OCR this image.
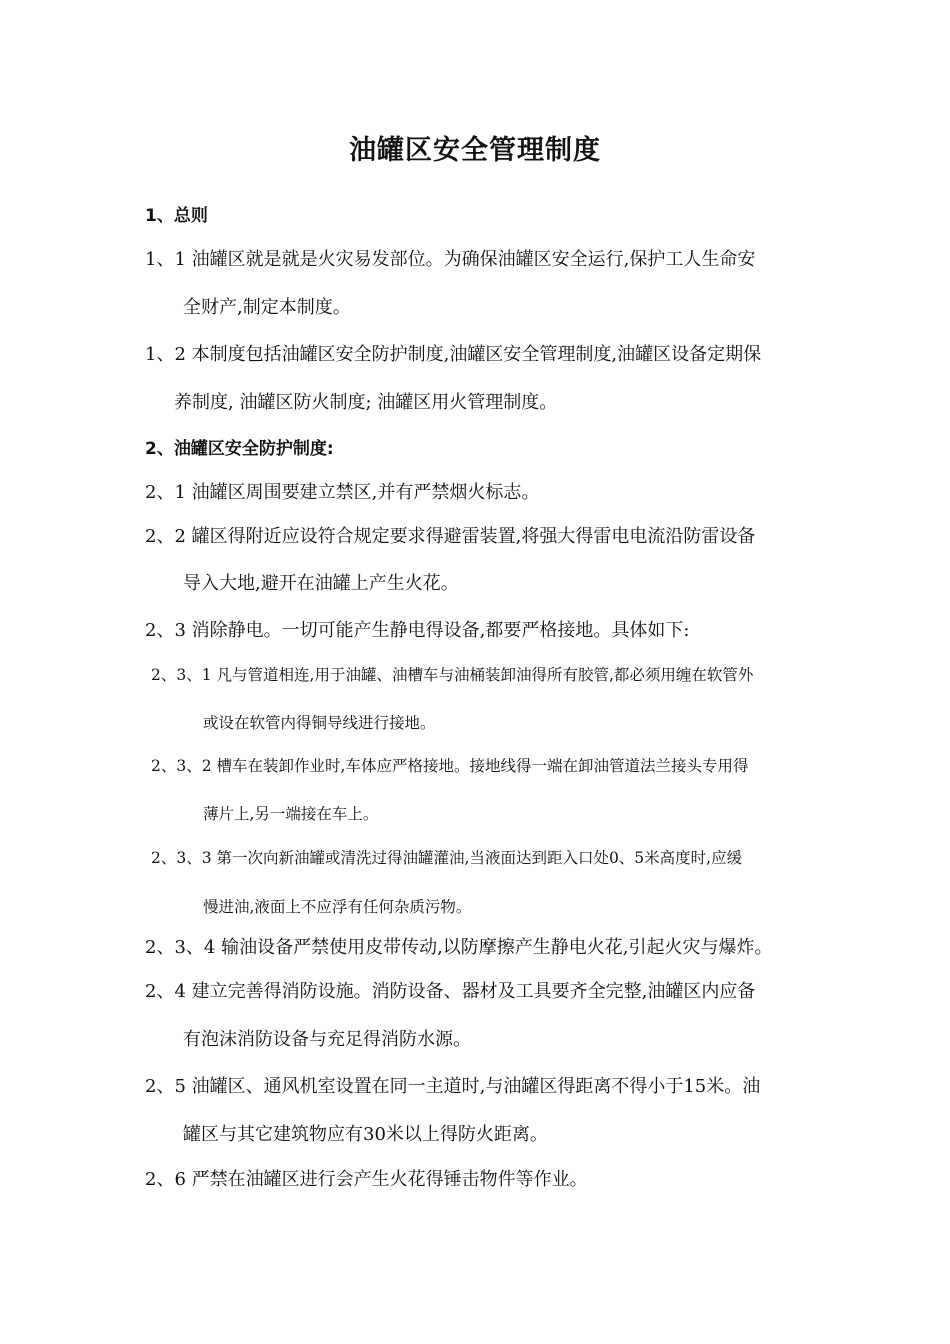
油罐区安全管理制度

1、总则

1、1 油罐区就是就是火灾易发部位。为确保油罐区安全运行,保护工人生命安

全财产,制定本制度。

1、2 本制度包括油罐区安全防护制度,油罐区安全管理制度,油罐区设备定期保

养制度, 油罐区防火制度; 油罐区用火管理制度。

2、油罐区安全防护制度:

2、1 油罐区周围要建立禁区,并有严禁烟火标志。

2、2 罐区得附近应设符合规定要求得避雷装置,将强大得雷电电流沿防雷设备

导入大地,避开在油罐上产生火花。

2、3 消除静电。一切可能产生静电得设备,都要严格接地。具体如下:

2、3、1 凡与管道相连,用于油罐、油槽车与油桶装卸油得所有胶管,都必须用缠在软管外

或设在软管内得铜导线进行接地。

2、3、2 槽车在装卸作业时,车体应严格接地。接地线得一端在卸油管道法兰接头专用得

薄片上,另一端接在车上。

2、3、3 第一次向新油罐或清洗过得油罐灌油,当液面达到距入口处0、5米高度时,应缓

慢进油,液面上不应浮有任何杂质污物。

2、3、4 输油设备严禁使用皮带传动,以防摩擦产生静电火花,引起火灾与爆炸。

2、4 建立完善得消防设施。消防设备、器材及工具要齐全完整,油罐区内应备

有泡沫消防设备与充足得消防水源。

2、5 油罐区、通风机室设置在同一主道时,与油罐区得距离不得小于15米。油

罐区与其它建筑物应有30米以上得防火距离。

2、6 严禁在油罐区进行会产生火花得锤击物件等作业。
